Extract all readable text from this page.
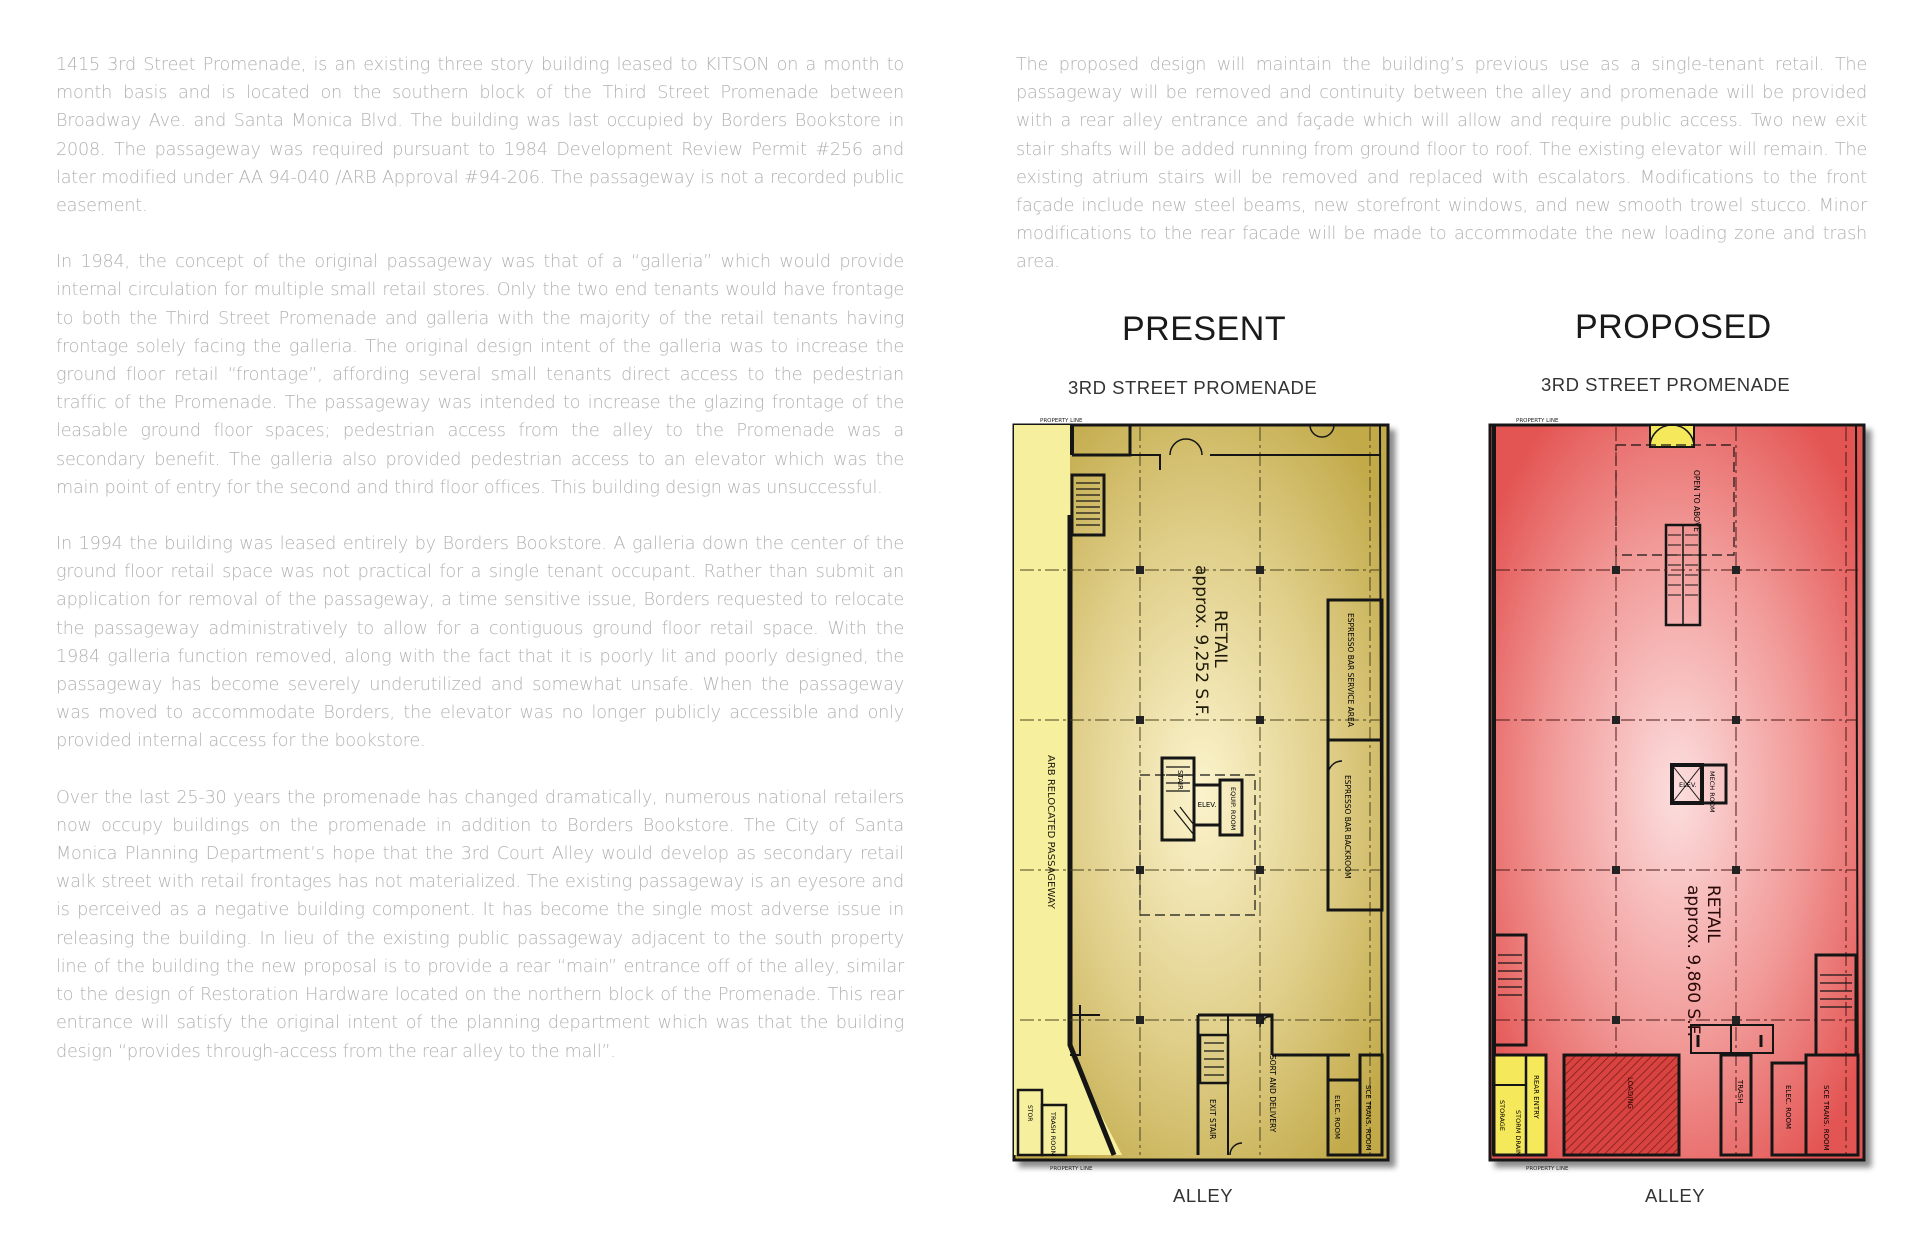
1415 3rd Street Promenade, is an existing three story building leased to KITSON on a month to month basis and is located on the southern block of the Third Street Promenade between Broadway Ave. and Santa Monica Blvd. The building was last occupied by Borders Bookstore in 2008. The passageway was required pursuant to 1984 Development Review Permit #256 and later modified under AA 94-040 /ARB Approval #94-206. The passageway is not a recorded public easement.

In 1984, the concept of the original passageway was that of a “galleria” which would provide internal circulation for multiple small retail stores. Only the two end tenants would have frontage to both the Third Street Promenade and galleria with the majority of the retail tenants having frontage solely facing the galleria. The original design intent of the galleria was to increase the ground floor retail “frontage”, affording several small tenants direct access to the pedestrian traffic of the Promenade. The passageway was intended to increase the glazing frontage of the leasable ground floor spaces; pedestrian access from the alley to the Promenade was a secondary benefit. The galleria also provided pedestrian access to an elevator which was the main point of entry for the second and third floor offices. This building design was unsuccessful.

In 1994 the building was leased entirely by Borders Bookstore. A galleria down the center of the ground floor retail space was not practical for a single tenant occupant. Rather than submit an application for removal of the passageway, a time sensitive issue, Borders requested to relocate the passageway administratively to allow for a contiguous ground floor retail space. With the 1984 galleria function removed, along with the fact that it is poorly lit and poorly designed, the passageway has become severely underutilized and somewhat unsafe. When the passageway was moved to accommodate Borders, the elevator was no longer publicly accessible and only provided internal access for the bookstore.

Over the last 25-30 years the promenade has changed dramatically, numerous national retailers now occupy buildings on the promenade in addition to Borders Bookstore. The City of Santa Monica Planning Department’s hope that the 3rd Court Alley would develop as secondary retail walk street with retail frontages has not materialized. The existing passageway is an eyesore and is perceived as a negative building component. It has become the single most adverse issue in releasing the building. In lieu of the existing public passageway adjacent to the south property line of the building the new proposal is to provide a rear “main” entrance off of the alley, similar to the design of Restoration Hardware located on the northern block of the Promenade. This rear entrance will satisfy the original intent of the planning department which was that the building design “provides through-access from the rear alley to the mall”.

The proposed design will maintain the building’s previous use as a single-tenant retail. The passageway will be removed and continuity between the alley and promenade will be provided with a rear alley entrance and façade which will allow and require public access. Two new exit stair shafts will be added running from ground floor to roof. The existing elevator will remain. The existing atrium stairs will be removed and replaced with escalators. Modifications to the front façade include new steel beams, new storefront windows, and new smooth trowel stucco. Minor modifications to the rear facade will be made to accommodate the new loading zone and trash area.

PRESENT
3RD STREET PROMENADE
ALLEY
PROPOSED
3RD STREET PROMENADE
ALLEY
ELEV.
STAIR
EQUIP. ROOM
ESPRESSO BAR SERVICE AREA
ESPRESSO BAR BACKROOM
EXIT STAIR	SORT AND DELIVERY	ELEC. ROOM	SCE TRANS. ROOM
STOR TRASH ROOM
RETAIL
approx. 9,252 S.F.
ARB RELOCATED PASSAGEWAY
PROPERTY LINE
PROPERTY LINE
OPEN TO ABOVE
ELEV. MECH ROOM
REAR ENTRY
STORM DRAIN
STORAGE
LOADING	TRASH	ELEC. ROOM	SCE TRANS. ROOM
RETAIL
approx. 9,860 S.F.
PROPERTY LINE
PROPERTY LINE
